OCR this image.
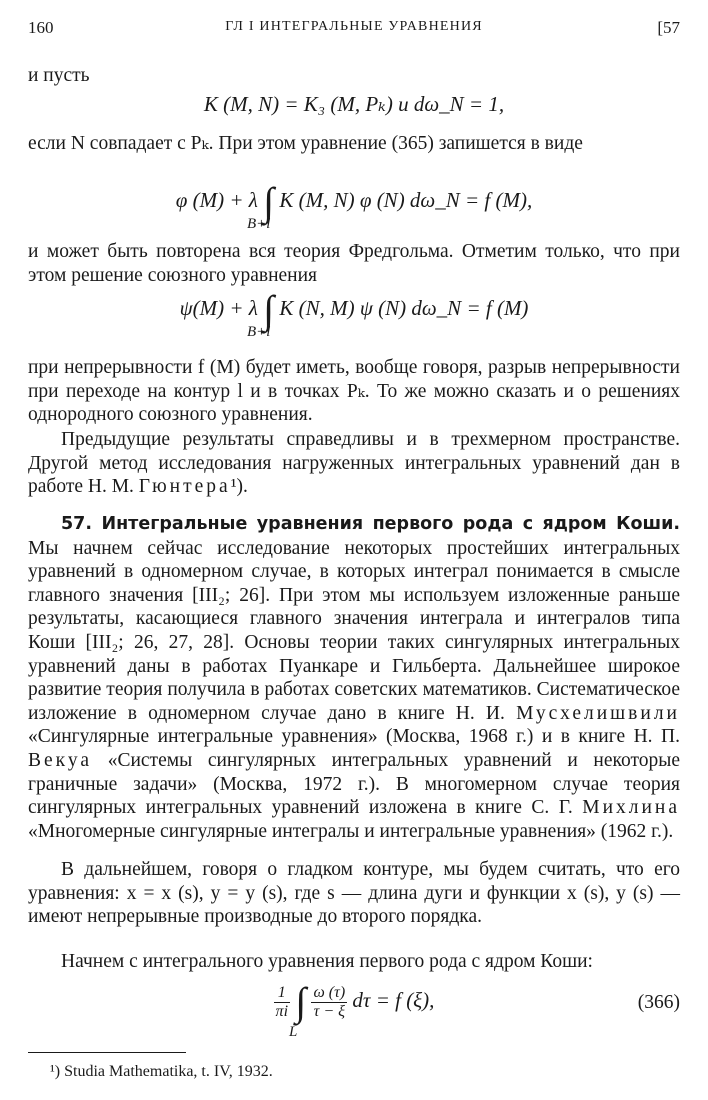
160	ГЛ I ИНТЕГРАЛЬНЫЕ УРАВНЕНИЯ	[57
и пусть
K (M, N) = K₃ (M, Pₖ) и dω_N = 1,
если N совпадает с Pₖ. При этом уравнение (365) запишется в виде
φ (M) + λ ∫ K (M, N) φ (N) dω_N = f (M),
B+l
и может быть повторена вся теория Фредгольма. Отметим только, что при этом решение союзного уравнения
ψ(M) + λ ∫ K (N, M) ψ (N) dω_N = f (M)
B+l
при непрерывности f (M) будет иметь, вообще говоря, разрыв непрерывности при переходе на контур l и в точках Pₖ. То же можно сказать и о решениях однородного союзного уравнения.
Предыдущие результаты справедливы и в трехмерном пространстве. Другой метод исследования нагруженных интегральных уравнений дан в работе Н. М. Гюнтера¹).
57. Интегральные уравнения первого рода с ядром Коши. Мы начнем сейчас исследование некоторых простейших интегральных уравнений в одномерном случае, в которых интеграл понимается в смысле главного значения [III₂; 26]. При этом мы используем изложенные раньше результаты, касающиеся главного значения интеграла и интегралов типа Коши [III₂; 26, 27, 28]. Основы теории таких сингулярных интегральных уравнений даны в работах Пуанкаре и Гильберта. Дальнейшее широкое развитие теория получила в работах советских математиков. Систематическое изложение в одномерном случае дано в книге Н. И. Мусхелишвили «Сингулярные интегральные уравнения» (Москва, 1968 г.) и в книге Н. П. Векуа «Системы сингулярных интегральных уравнений и некоторые граничные задачи» (Москва, 1972 г.). В многомерном случае теория сингулярных интегральных уравнений изложена в книге С. Г. Михлина «Многомерные сингулярные интегралы и интегральные уравнения» (1962 г.).
В дальнейшем, говоря о гладком контуре, мы будем считать, что его уравнения: x = x (s), y = y (s), где s — длина дуги и функции x (s), y (s) — имеют непрерывные производные до второго порядка.
Начнем с интегрального уравнения первого рода с ядром Коши:
$\frac{1}{\pi i}$ ∫ $\frac{\omega (\tau)}{\tau - \xi}$ dτ = f (ξ),
L
(366)
¹) Studia Mathematika, t. IV, 1932.
